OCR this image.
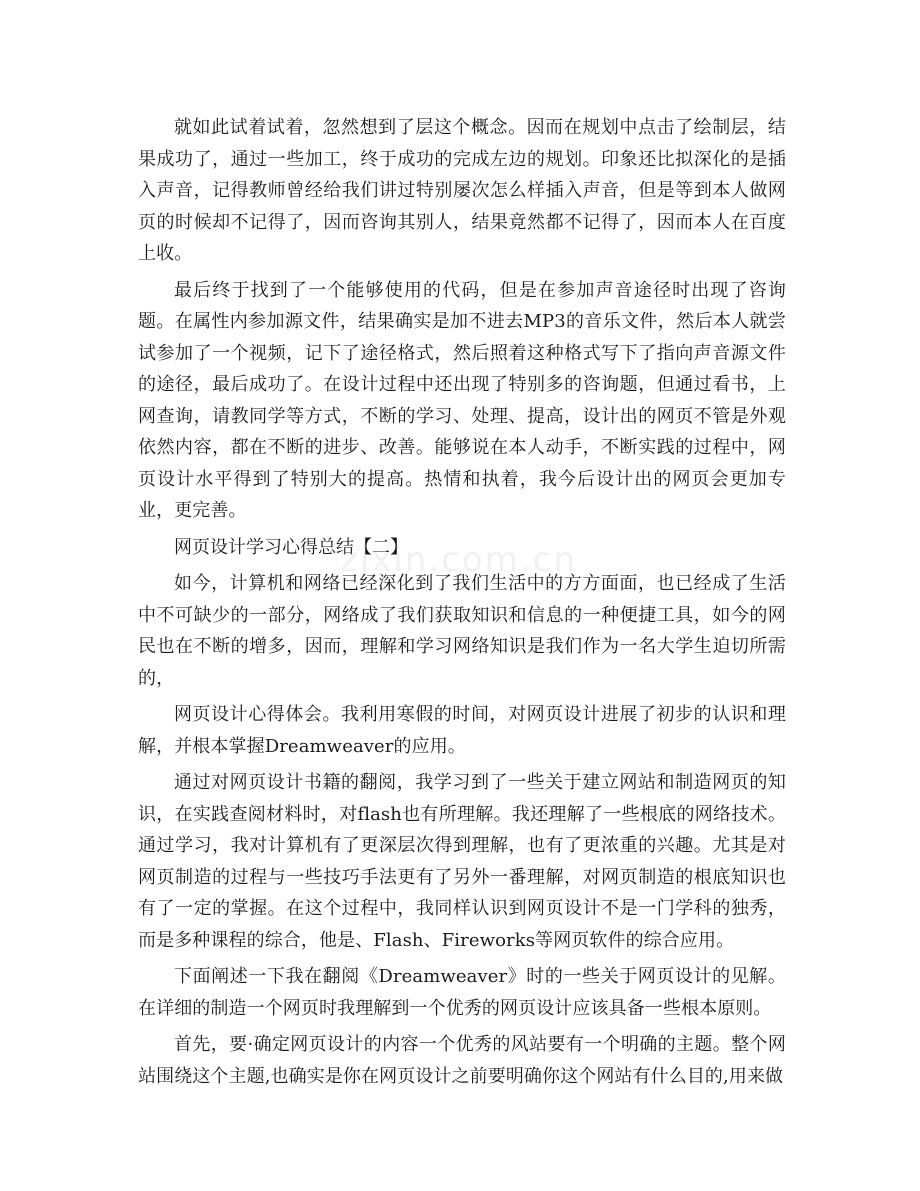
就如此试着试着，忽然想到了层这个概念。因而在规划中点击了绘制层，结果成功了，通过一些加工，终于成功的完成左边的规划。印象还比拟深化的是插入声音，记得教师曾经给我们讲过特别屡次怎么样插入声音，但是等到本人做网页的时候却不记得了，因而咨询其别人，结果竟然都不记得了，因而本人在百度上收。

最后终于找到了一个能够使用的代码，但是在参加声音途径时出现了咨询题。在属性内参加源文件，结果确实是加不进去MP3的音乐文件，然后本人就尝试参加了一个视频，记下了途径格式，然后照着这种格式写下了指向声音源文件的途径，最后成功了。在设计过程中还出现了特别多的咨询题，但通过看书，上网查询，请教同学等方式，不断的学习、处理、提高，设计出的网页不管是外观依然内容，都在不断的进步、改善。能够说在本人动手，不断实践的过程中，网页设计水平得到了特别大的提高。热情和执着，我今后设计出的网页会更加专业，更完善。

网页设计学习心得总结【二】

如今，计算机和网络已经深化到了我们生活中的方方面面，也已经成了生活中不可缺少的一部分，网络成了我们获取知识和信息的一种便捷工具，如今的网民也在不断的增多，因而，理解和学习网络知识是我们作为一名大学生迫切所需的，

网页设计心得体会。我利用寒假的时间，对网页设计进展了初步的认识和理解，并根本掌握Dreamweaver的应用。

通过对网页设计书籍的翻阅，我学习到了一些关于建立网站和制造网页的知识，在实践查阅材料时，对flash也有所理解。我还理解了一些根底的网络技术。通过学习，我对计算机有了更深层次得到理解，也有了更浓重的兴趣。尤其是对网页制造的过程与一些技巧手法更有了另外一番理解，对网页制造的根底知识也有了一定的掌握。在这个过程中，我同样认识到网页设计不是一门学科的独秀，而是多种课程的综合，他是、Flash、Fireworks等网页软件的综合应用。

下面阐述一下我在翻阅《Dreamweaver》时的一些关于网页设计的见解。在详细的制造一个网页时我理解到一个优秀的网页设计应该具备一些根本原则。

首先，要·确定网页设计的内容一个优秀的风站要有一个明确的主题。整个网站围绕这个主题,也确实是你在网页设计之前要明确你这个网站有什么目的,用来做

zixin.com.cn
